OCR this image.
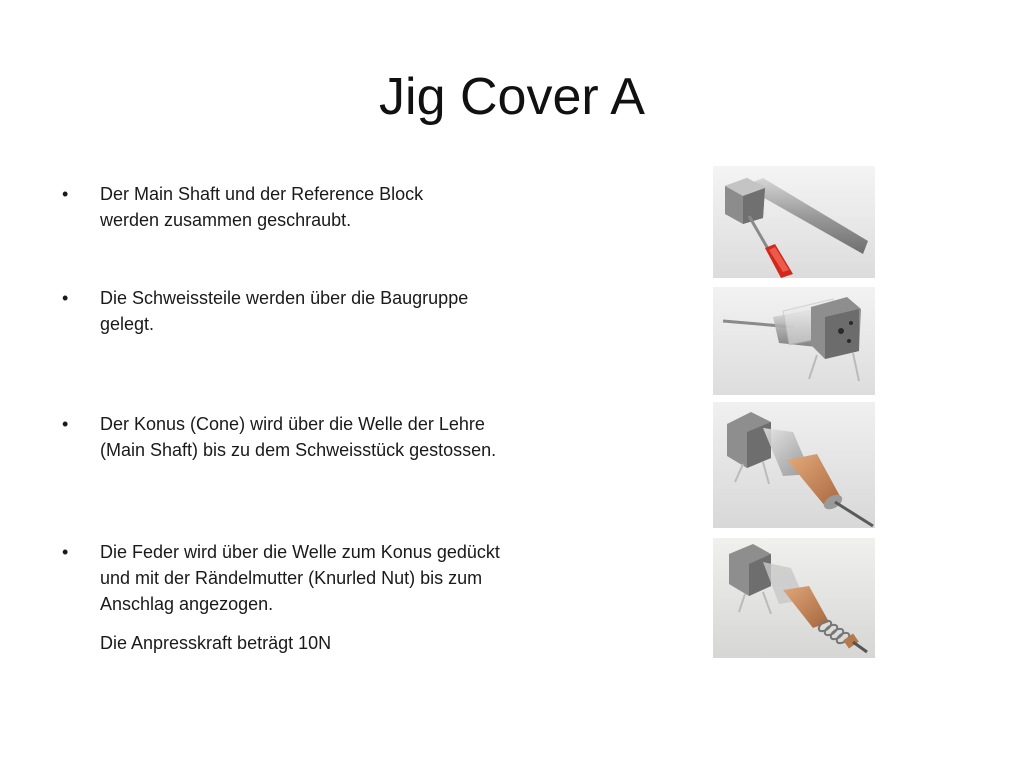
Jig Cover A
•	Der Main Shaft und der Reference Block
werden zusammen geschraubt.
•	Die Schweissteile werden über die Baugruppe
gelegt.
•	Der Konus (Cone) wird über die Welle der Lehre
(Main Shaft) bis zu dem Schweisstück gestossen.
•	Die Feder wird über die Welle zum Konus gedückt
und mit der Rändelmutter (Knurled Nut) bis zum
Anschlag angezogen.
Die Anpresskraft beträgt 10N
